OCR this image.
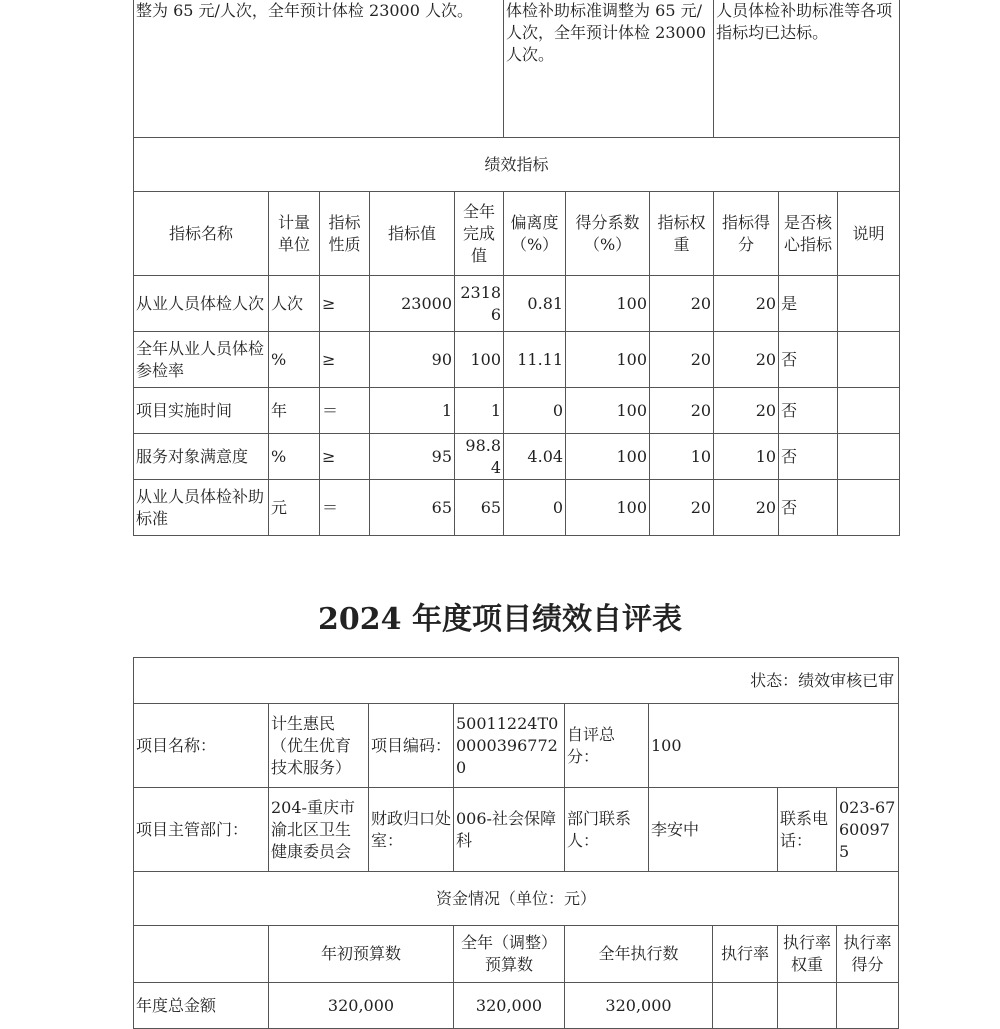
整为 65 元/人次，全年预计体检 23000 人次。					体检补助标准调整为 65 元/人次，全年预计体检 23000 人次。			人员体检补助标准等各项指标均已达标。		
绩效指标										
指标名称	计量单位	指标性质	指标值	全年完成值	偏离度（%）	得分系数（%）	指标权重	指标得分	是否核心指标	说明
从业人员体检人次	人次	≥	23000	23186	0.81	100	20	20	是	
全年从业人员体检参检率	%	≥	90	100	11.11	100	20	20	否	
项目实施时间	年	＝	1	1	0	100	20	20	否	
服务对象满意度	%	≥	95	98.84	4.04	100	10	10	否	
从业人员体检补助标准	元	＝	65	65	0	100	20	20	否	
2024 年度项目绩效自评表
状态：绩效审核已审								
项目名称：	计生惠民（优生优育技术服务）	项目编码：	50011224T000003967720	自评总分：	100			
项目主管部门：	204-重庆市渝北区卫生健康委员会	财政归口处室：	006-社会保障科	部门联系人：	李安中		联系电话：	023-67600975
资金情况（单位：元）								
	年初预算数		全年（调整）预算数	全年执行数		执行率	执行率权重	执行率得分
年度总金额	320,000		320,000	320,000				
